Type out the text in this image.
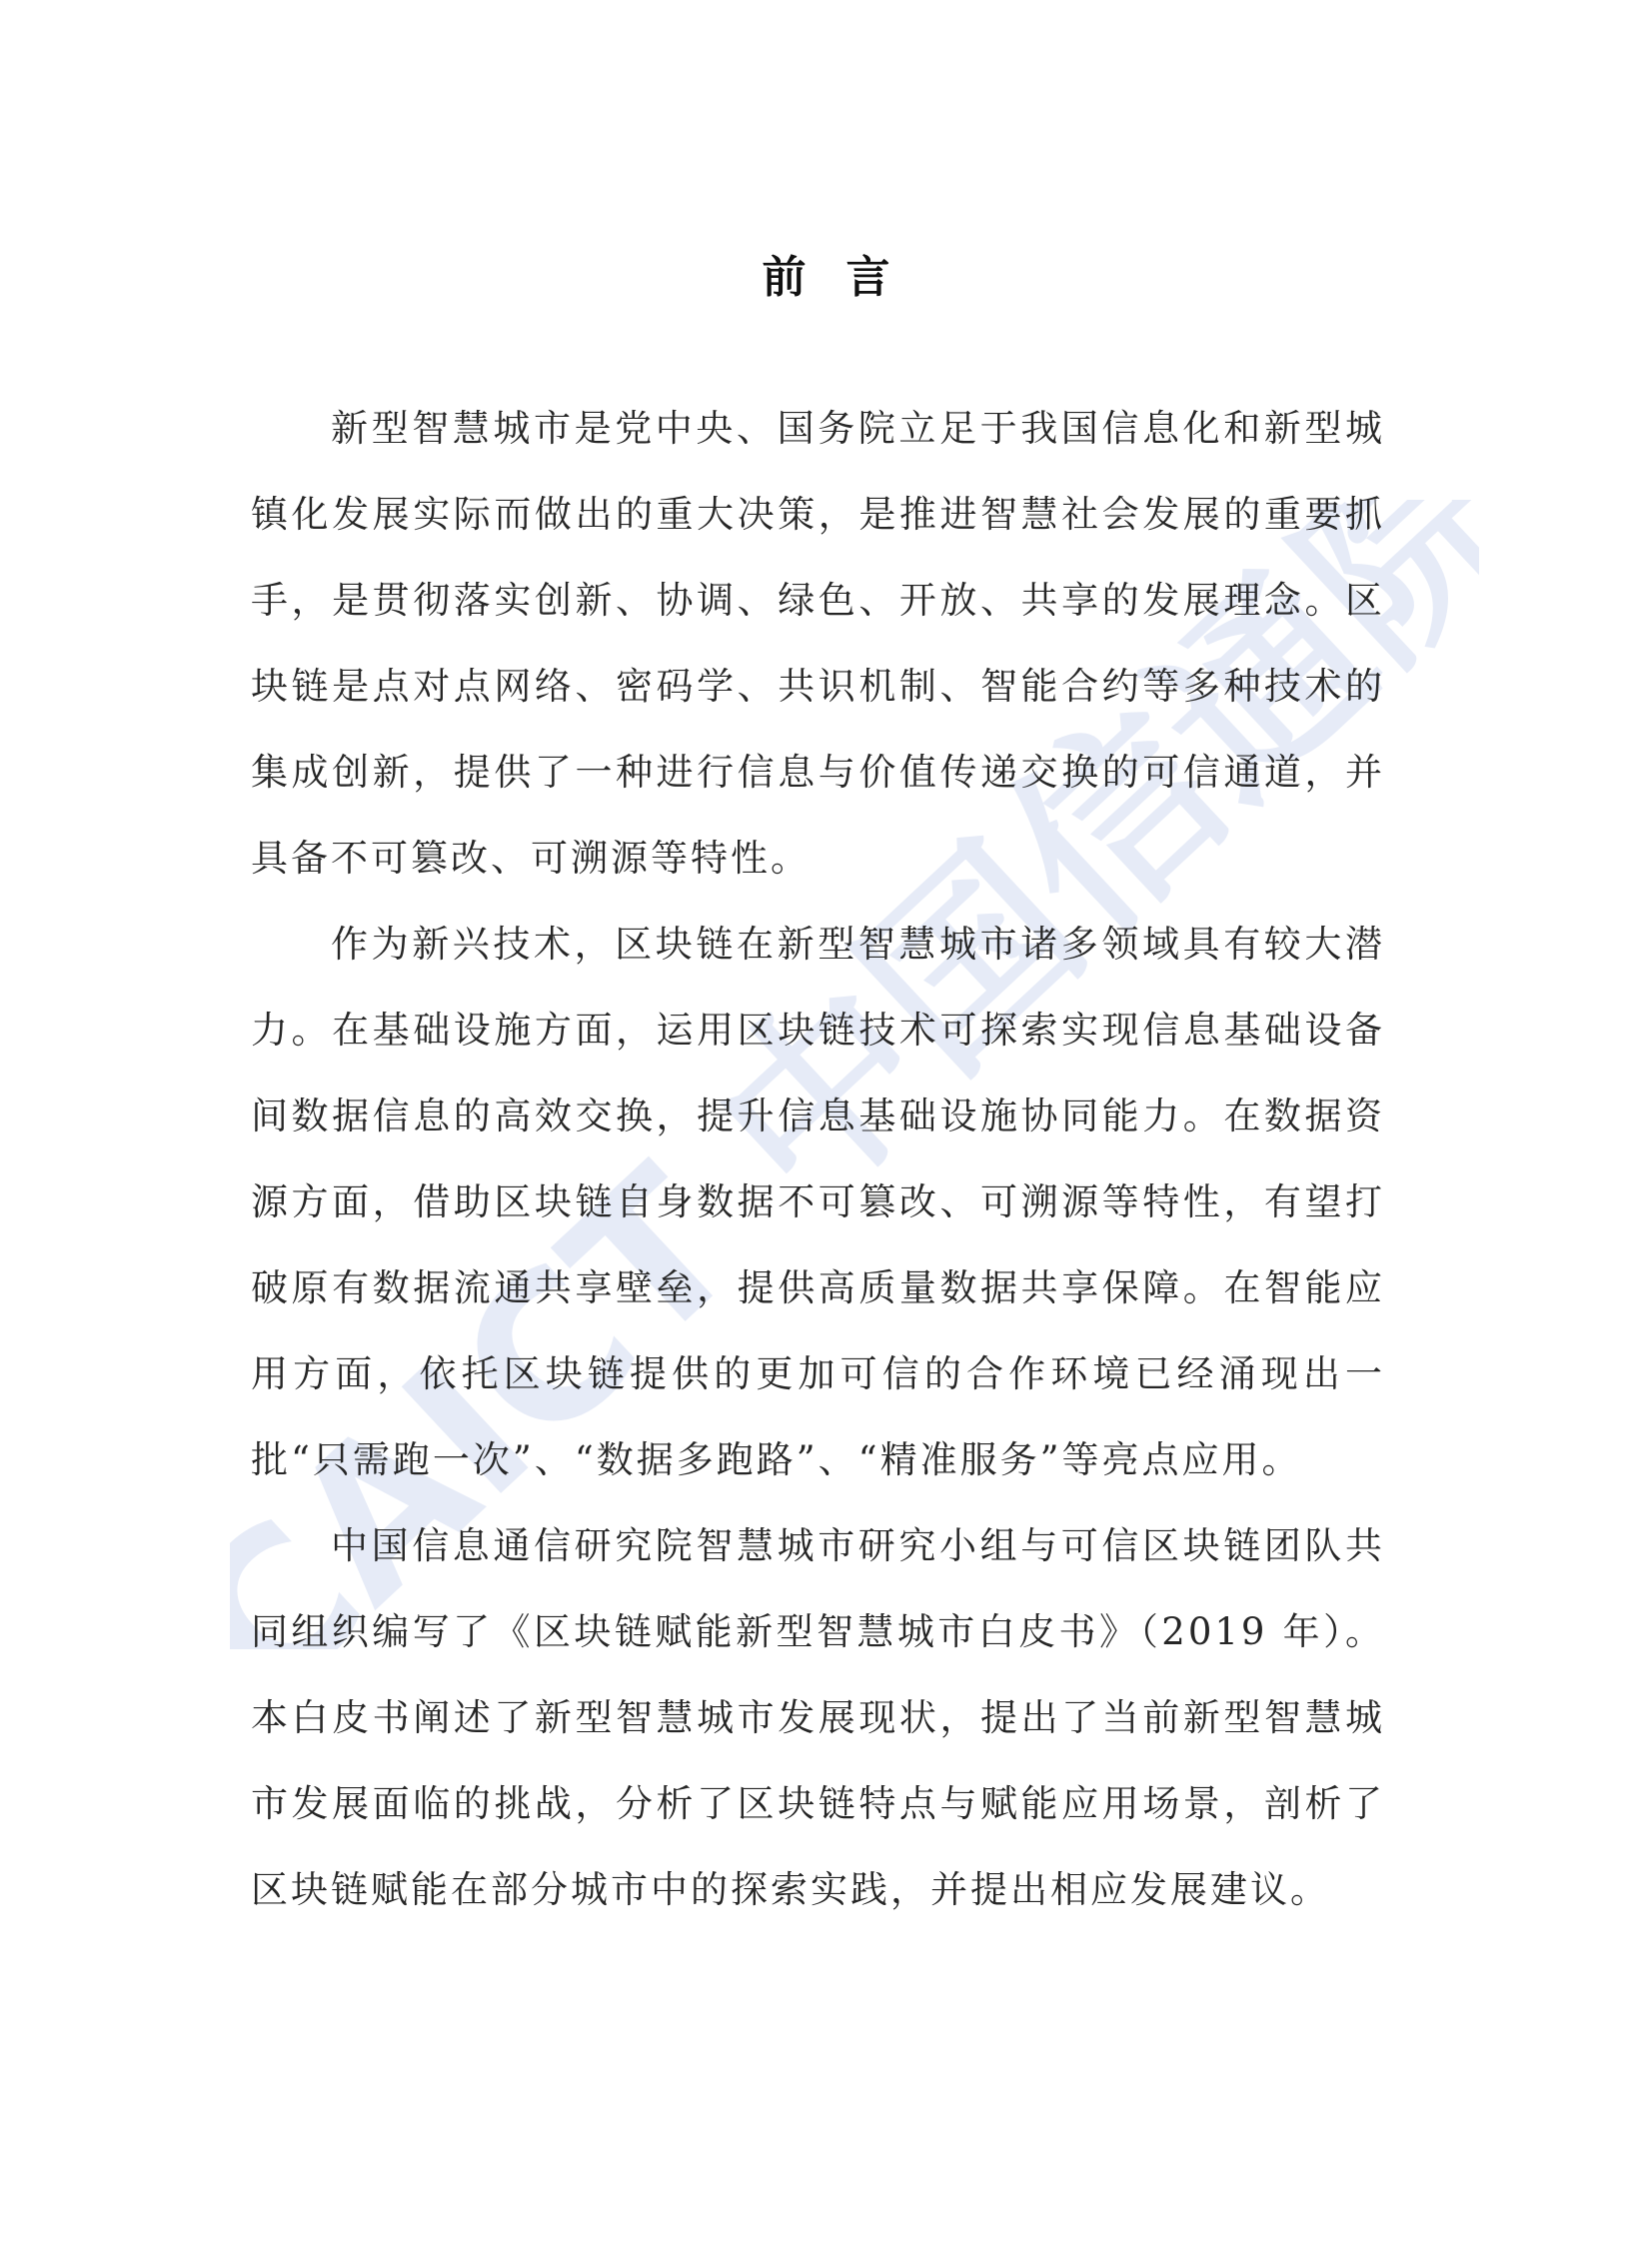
CAICT 中国信通院
前言

新型智慧城市是党中央、国务院立足于我国信息化和新型城镇化发展实际而做出的重大决策，是推进智慧社会发展的重要抓手，是贯彻落实创新、协调、绿色、开放、共享的发展理念。区块链是点对点网络、密码学、共识机制、智能合约等多种技术的集成创新，提供了一种进行信息与价值传递交换的可信通道，并具备不可篡改、可溯源等特性。

作为新兴技术，区块链在新型智慧城市诸多领域具有较大潜力。在基础设施方面，运用区块链技术可探索实现信息基础设备间数据信息的高效交换，提升信息基础设施协同能力。在数据资源方面，借助区块链自身数据不可篡改、可溯源等特性，有望打破原有数据流通共享壁垒，提供高质量数据共享保障。在智能应用方面，依托区块链提供的更加可信的合作环境已经涌现出一批“只需跑一次”、“数据多跑路”、“精准服务”等亮点应用。

中国信息通信研究院智慧城市研究小组与可信区块链团队共同组织编写了《区块链赋能新型智慧城市白皮书》（2019 年）。本白皮书阐述了新型智慧城市发展现状，提出了当前新型智慧城市发展面临的挑战，分析了区块链特点与赋能应用场景，剖析了区块链赋能在部分城市中的探索实践，并提出相应发展建议。
